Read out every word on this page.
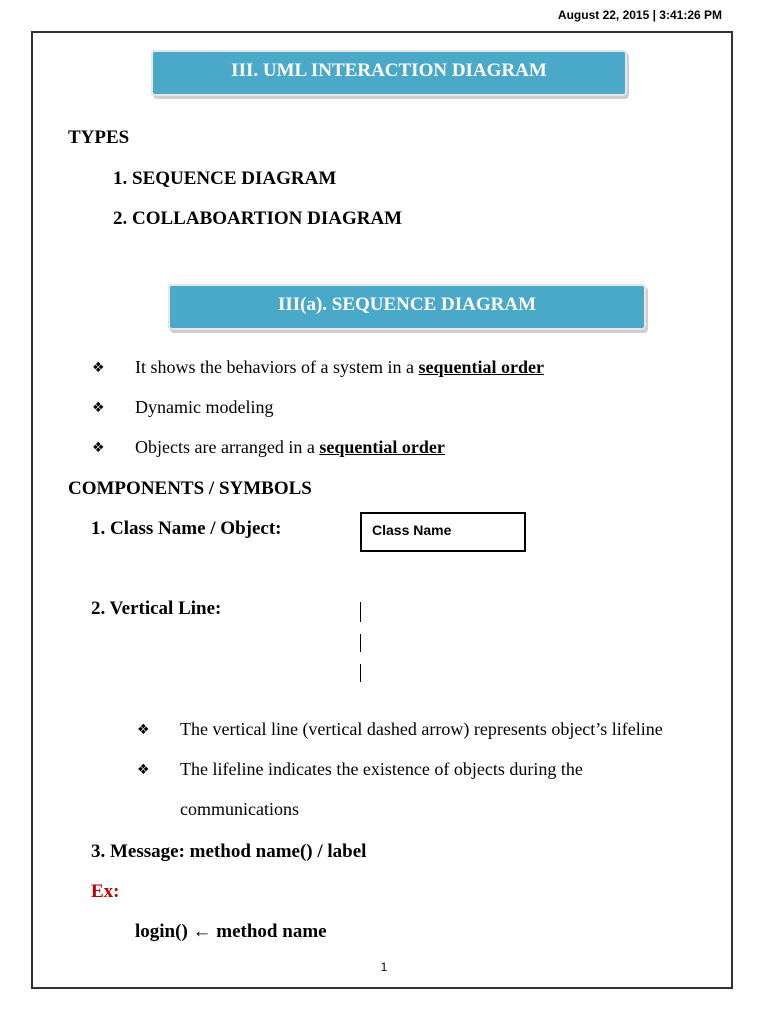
August 22, 2015 | 3:41:26 PM
III. UML INTERACTION DIAGRAM
TYPES
1. SEQUENCE DIAGRAM
2. COLLABOARTION DIAGRAM
III(a). SEQUENCE DIAGRAM
❖ It shows the behaviors of a system in a sequential order
❖ Dynamic modeling
❖ Objects are arranged in a sequential order
COMPONENTS / SYMBOLS
1. Class Name / Object:	Class Name
2. Vertical Line:
❖ The vertical line (vertical dashed arrow) represents object’s lifeline
❖ The lifeline indicates the existence of objects during the
communications
3. Message: method name() / label
Ex:
login() ← method name
1
